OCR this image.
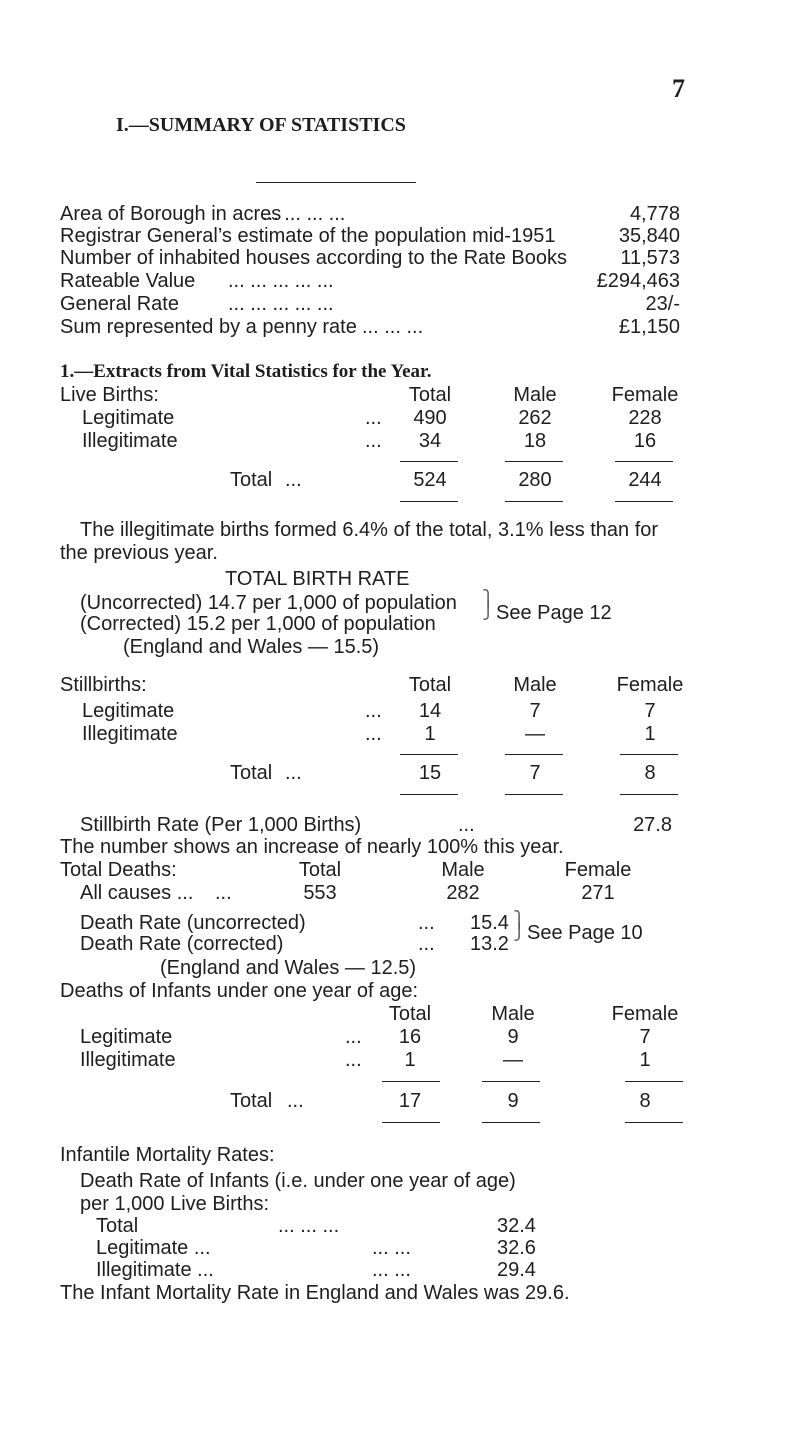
7
I.—SUMMARY OF STATISTICS
Area of Borough in acres
... ... ... ...	4,778
Registrar General’s estimate of the population mid-1951	35,840
Number of inhabited houses according to the Rate Books	11,573
Rateable Value ... ... ... ... ...	£294,463
General Rate ... ... ... ... ...	23/-
Sum represented by a penny rate ... ... ...	£1,150
1.—Extracts from Vital Statistics for the Year.
Live Births:	Total	Male	Female
Legitimate	...	490	262	228
Illegitimate	...	34	18	16
Total ...	524	280	244
The illegitimate births formed 6.4% of the total, 3.1% less than for
the previous year.
TOTAL BIRTH RATE
(Uncorrected) 14.7 per 1,000 of population
(Corrected) 15.2 per 1,000 of population
⎫
⎭ See Page 12
(England and Wales — 15.5)
Stillbirths:	Total	Male	Female
Legitimate	...	14	7	7
Illegitimate	...	1	—	1
Total ...	15	7	8
Stillbirth Rate (Per 1,000 Births)	...	27.8
The number shows an increase of nearly 100% this year.
Total Deaths:	Total	Male	Female
All causes ... ...	553	282	271
Death Rate (uncorrected)	... 15.4
Death Rate (corrected)	... 13.2
⎫
⎭ See Page 10
(England and Wales — 12.5)
Deaths of Infants under one year of age:
Total	Male	Female
Legitimate	...	16	9	7
Illegitimate	...	1	—	1
Total ...	17	9	8
Infantile Mortality Rates:
Death Rate of Infants (i.e. under one year of age)
per 1,000 Live Births:
Total	... ... ...	32.4
Legitimate ...	... ...	32.6
Illegitimate ...	... ...	29.4
The Infant Mortality Rate in England and Wales was 29.6.
